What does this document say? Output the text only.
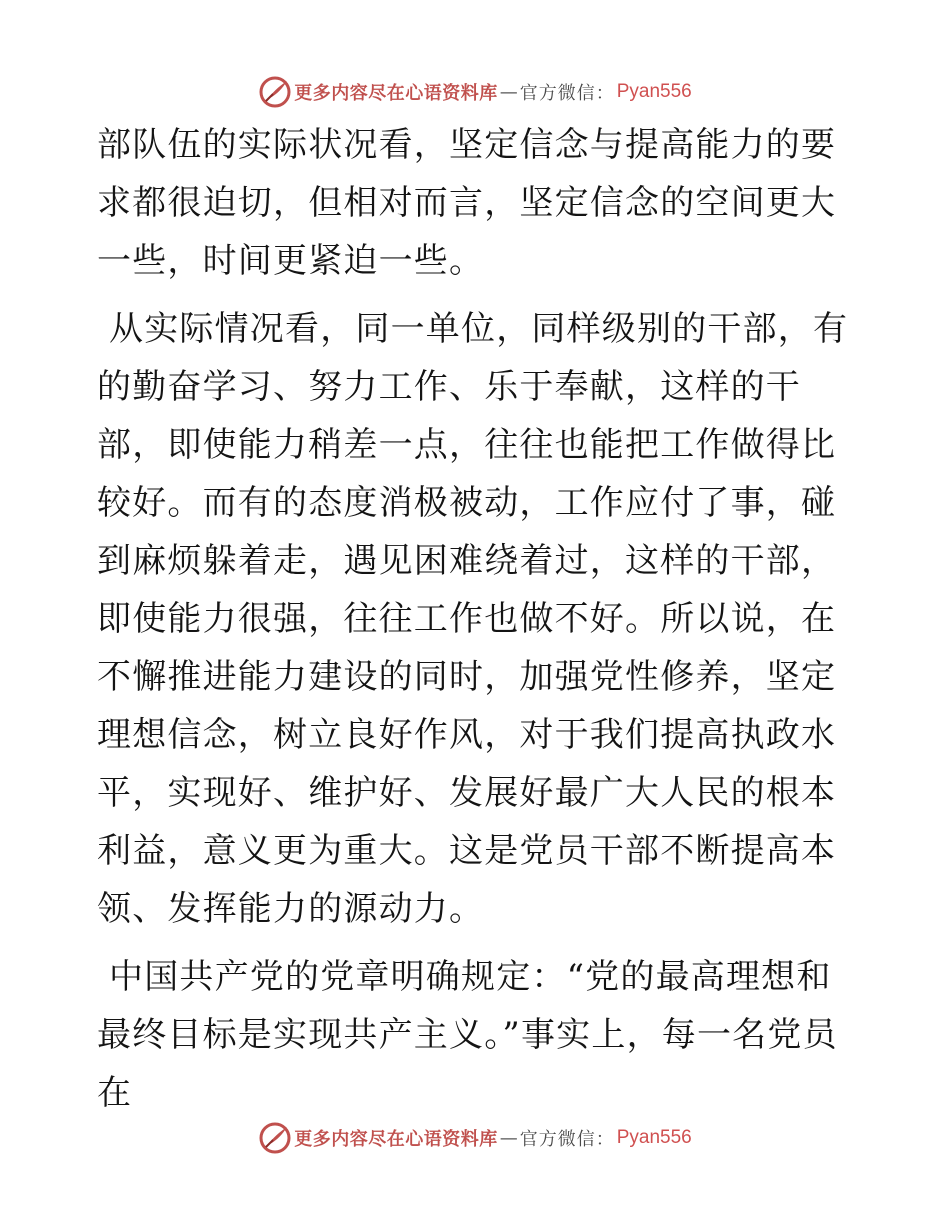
更多内容尽在心语资料库 — 官方微信： Pyan556

部队伍的实际状况看，坚定信念与提高能力的要求都很迫切，但相对而言，坚定信念的空间更大一些，时间更紧迫一些。

从实际情况看，同一单位，同样级别的干部，有的勤奋学习、努力工作、乐于奉献，这样的干部，即使能力稍差一点，往往也能把工作做得比较好。而有的态度消极被动，工作应付了事，碰到麻烦躲着走，遇见困难绕着过，这样的干部，即使能力很强，往往工作也做不好。所以说，在不懈推进能力建设的同时，加强党性修养，坚定理想信念，树立良好作风，对于我们提高执政水平，实现好、维护好、发展好最广大人民的根本利益，意义更为重大。这是党员干部不断提高本领、发挥能力的源动力。

中国共产党的党章明确规定：“党的最高理想和最终目标是实现共产主义。”事实上，每一名党员在

更多内容尽在心语资料库 — 官方微信： Pyan556
